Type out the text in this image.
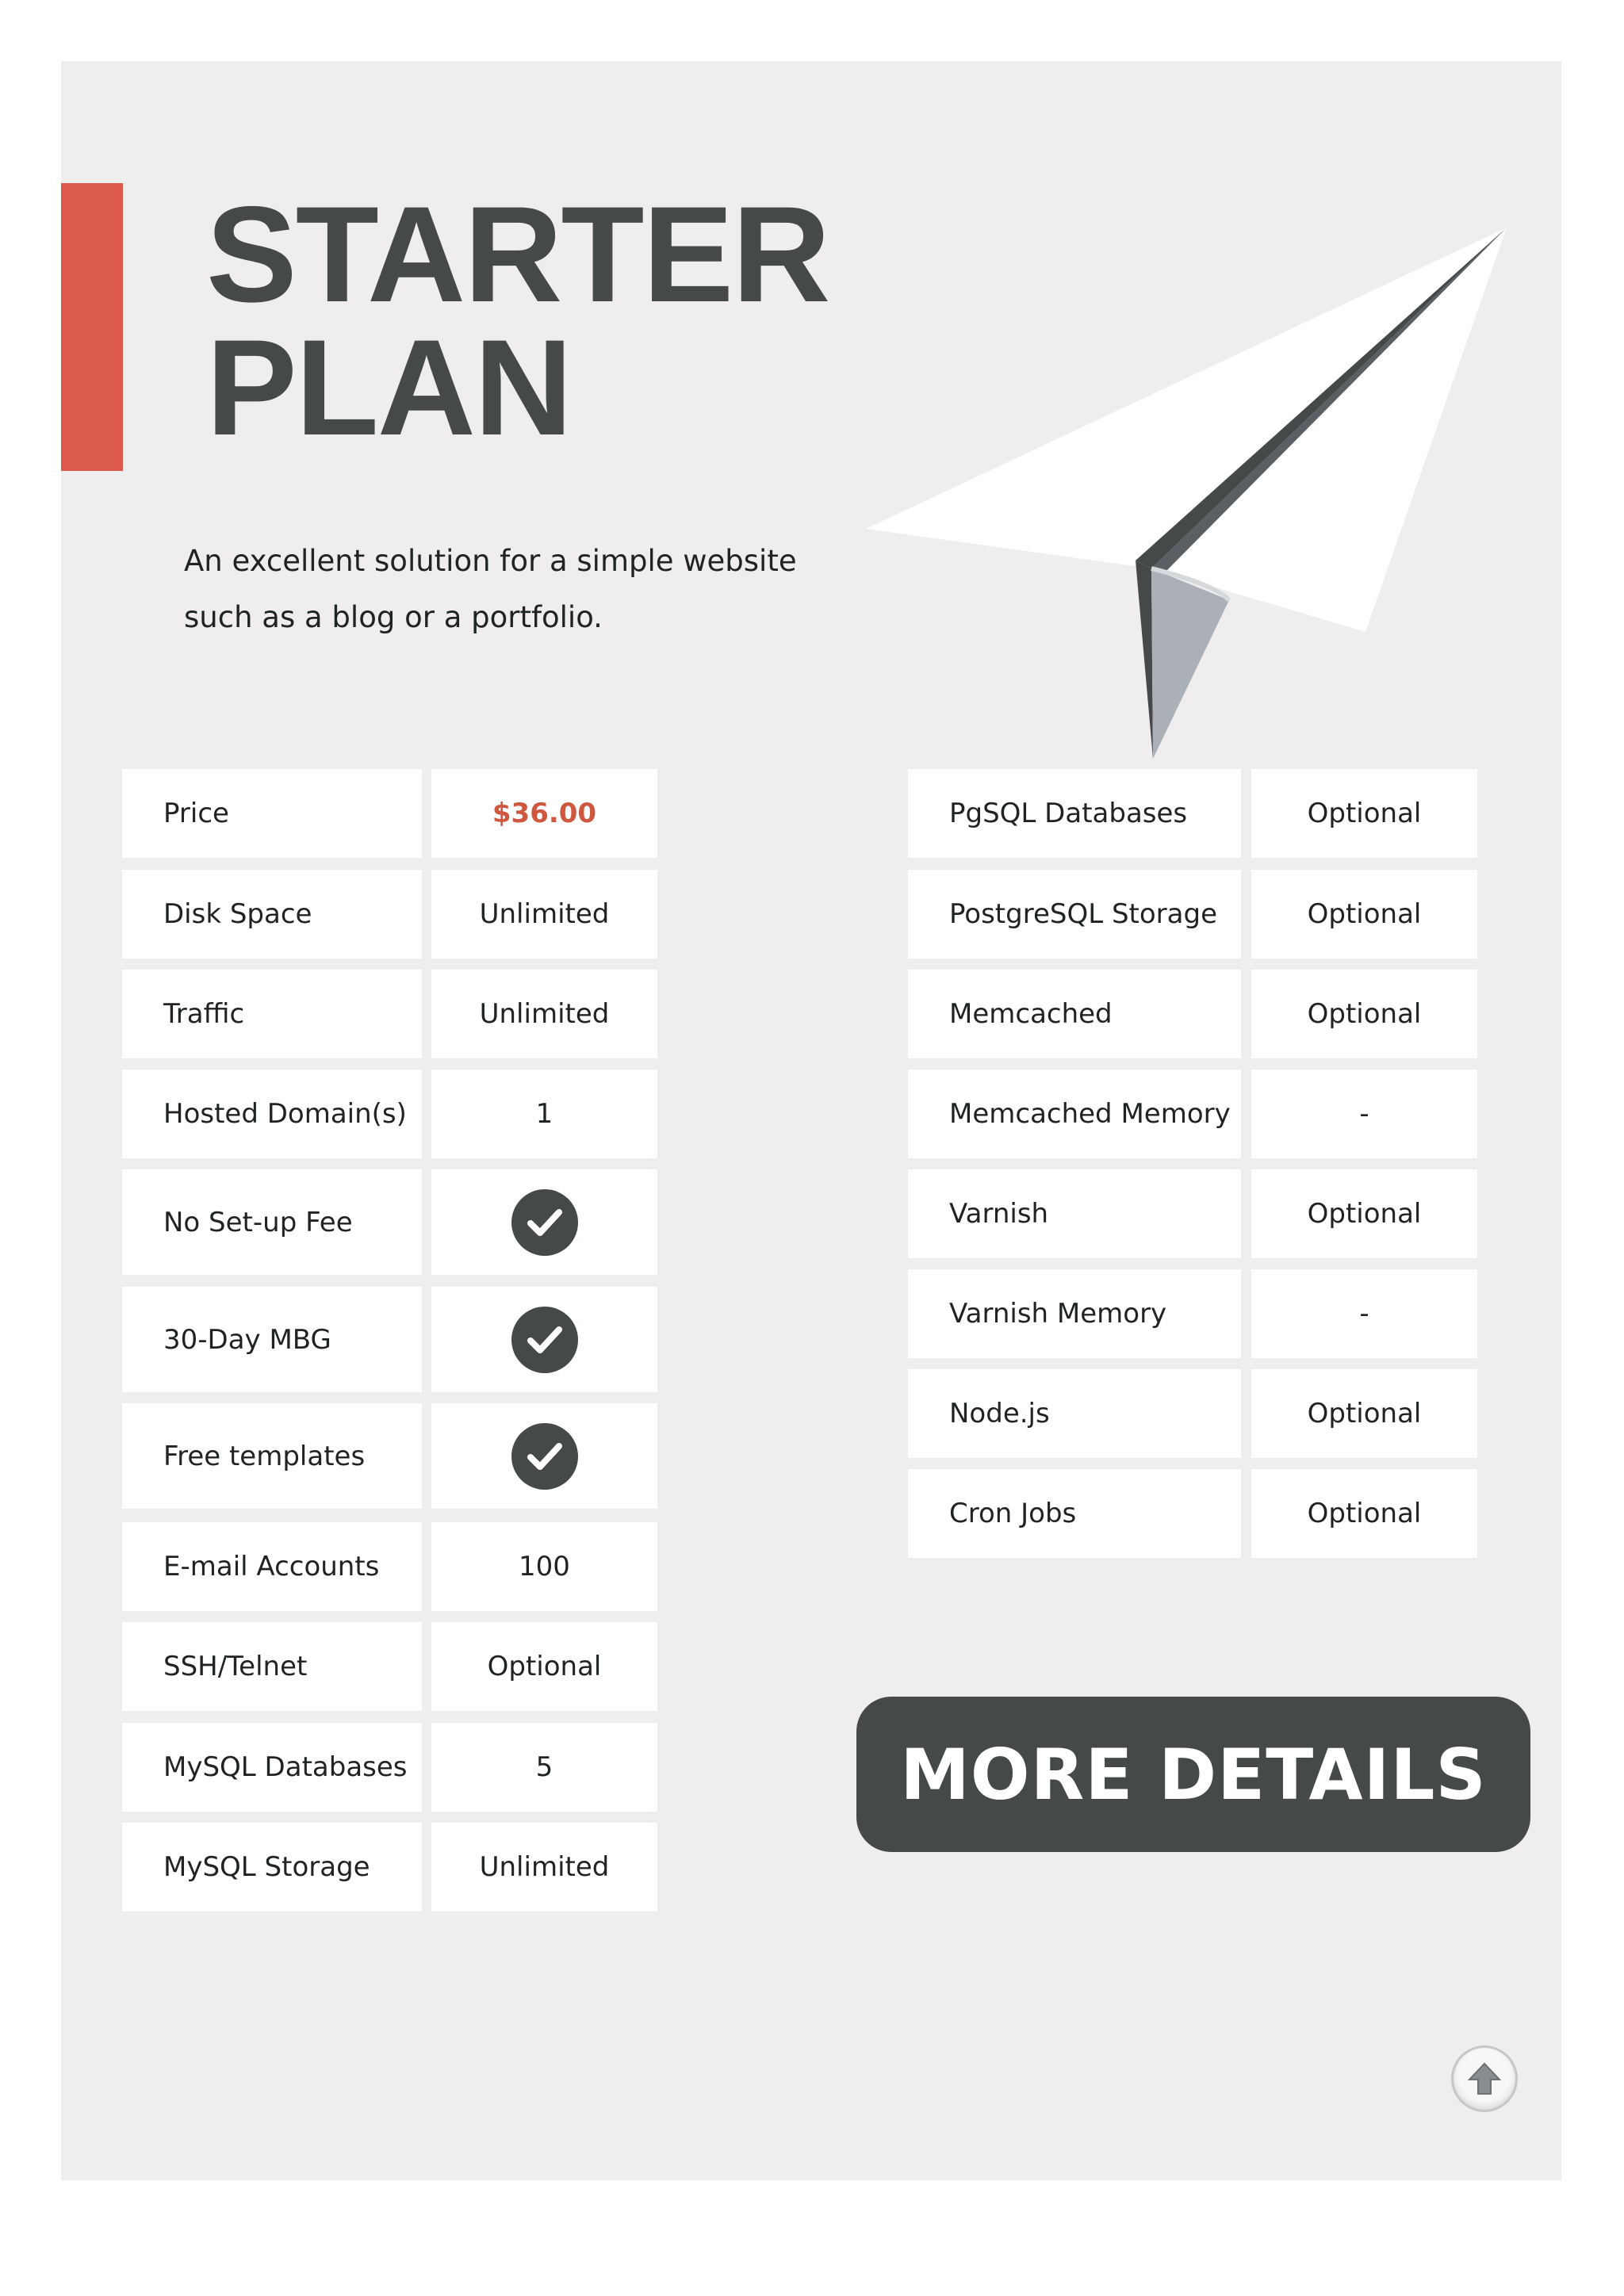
STARTER
PLAN

An excellent solution for a simple website
such as a blog or a portfolio.

Price	$36.00
Disk Space	Unlimited
Traffic	Unlimited
Hosted Domain(s)	1
No Set-up Fee
30-Day MBG
Free templates
E-mail Accounts	100
SSH/Telnet	Optional
MySQL Databases	5
MySQL Storage	Unlimited
PgSQL Databases	Optional
PostgreSQL Storage	Optional
Memcached	Optional
Memcached Memory	-
Varnish	Optional
Varnish Memory	-
Node.js	Optional
Cron Jobs	Optional
MORE DETAILS
